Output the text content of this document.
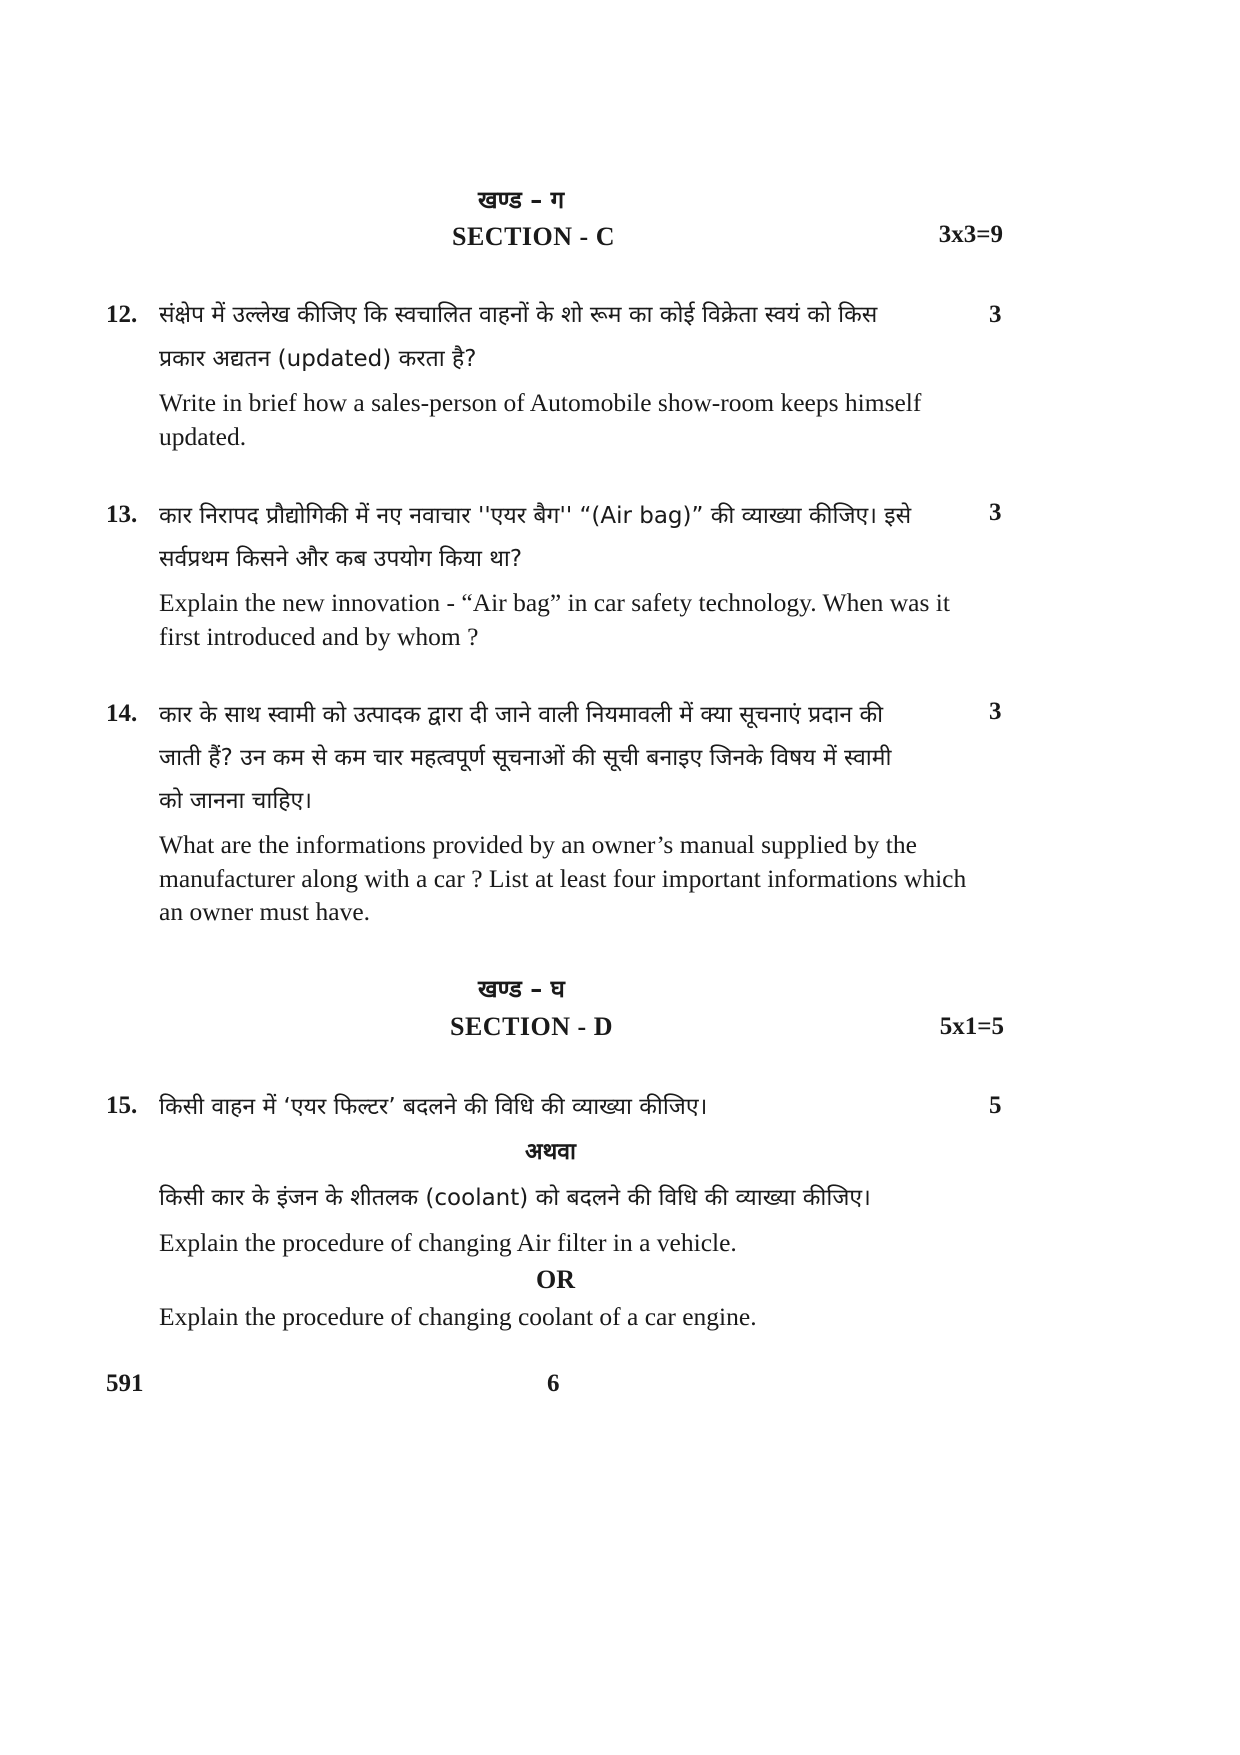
खण्ड – ग
SECTION - C	3x3=9
12.	3
संक्षेप में उल्लेख कीजिए कि स्वचालित वाहनों के शो रूम का कोई विक्रेता स्वयं को किस
प्रकार अद्यतन (updated) करता है?
Write in brief how a sales-person of Automobile show-room keeps himself
updated.
13.	3
कार निरापद प्रौद्योगिकी में नए नवाचार ''एयर बैग'' “(Air bag)” की व्याख्या कीजिए। इसे
सर्वप्रथम किसने और कब उपयोग किया था?
Explain the new innovation - “Air bag” in car safety technology. When was it
first introduced and by whom ?
14.	3
कार के साथ स्वामी को उत्पादक द्वारा दी जाने वाली नियमावली में क्या सूचनाएं प्रदान की
जाती हैं? उन कम से कम चार महत्वपूर्ण सूचनाओं की सूची बनाइए जिनके विषय में स्वामी
को जानना चाहिए।
What are the informations provided by an owner’s manual supplied by the
manufacturer along with a car ? List at least four important informations which
an owner must have.
खण्ड – घ
SECTION - D	5x1=5
15.	5
किसी वाहन में ‘एयर फिल्टर’ बदलने की विधि की व्याख्या कीजिए।
अथवा
किसी कार के इंजन के शीतलक (coolant) को बदलने की विधि की व्याख्या कीजिए।
Explain the procedure of changing Air filter in a vehicle.
OR
Explain the procedure of changing coolant of a car engine.
591	6
